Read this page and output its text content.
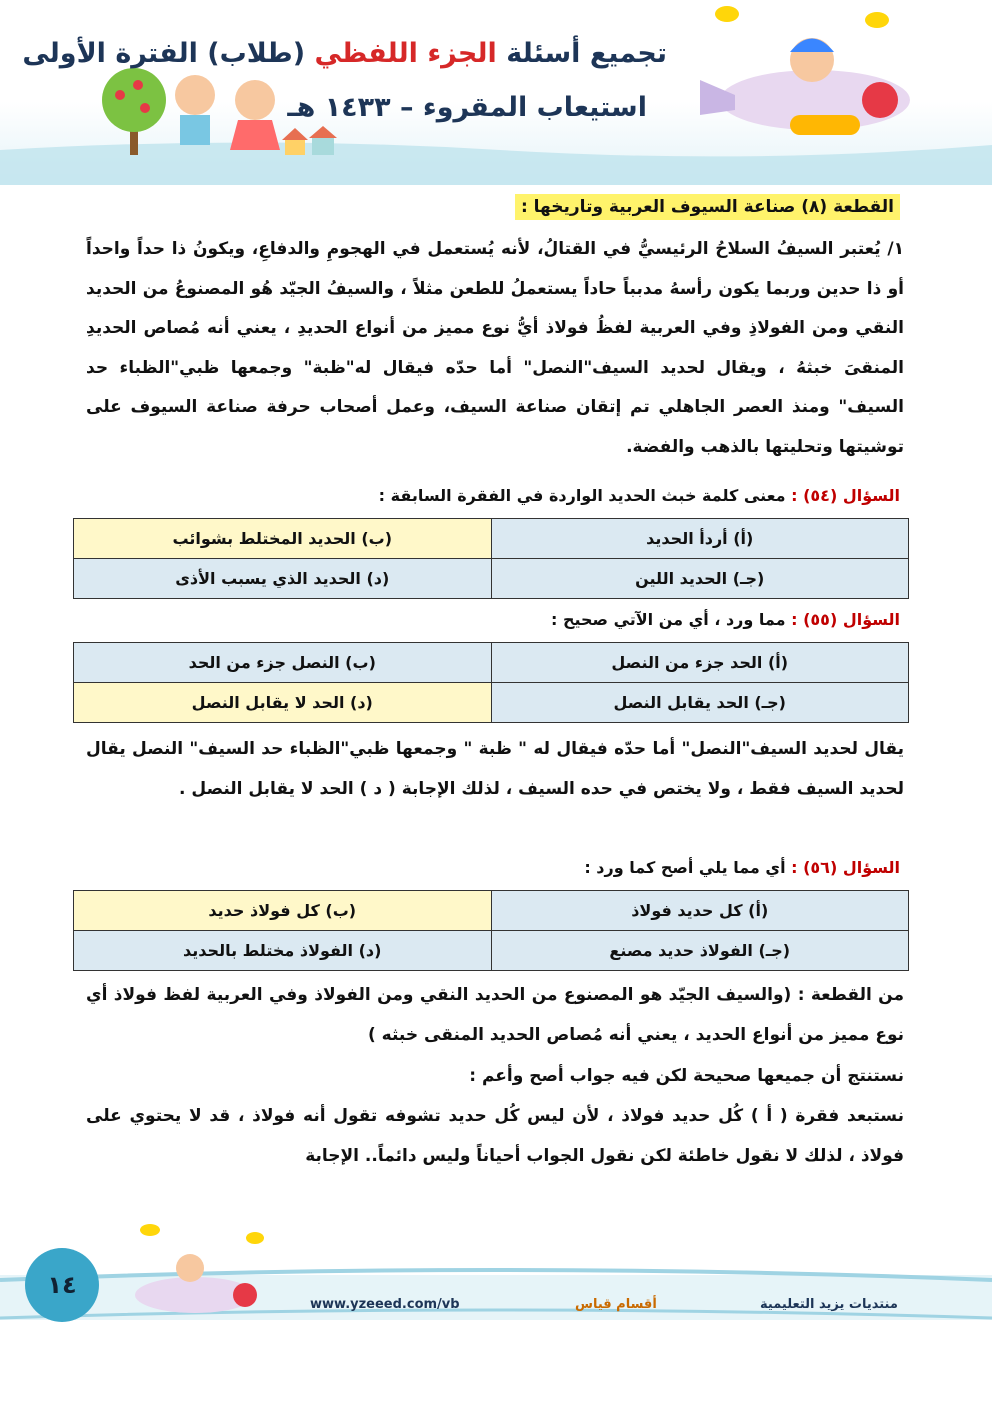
تجميع أسئلة الجزء اللفظي (طلاب) الفترة الأولى
استيعاب المقروء – ١٤٣٣ هـ
القطعة (٨) صناعة السيوف العربية وتاريخها :
١/ يُعتبر السيفُ السلاحُ الرئيسيُّ في القتالُ، لأنه يُستعمل في الهجومِ والدفاعِ، ويكونُ ذا حداً واحداً أو ذا حدين وربما يكون رأسهُ مدبباً حاداً يستعملُ للطعن مثلاً ، والسيفُ الجيّد هُو المصنوعُ من الحديد النقي ومن الفولاذِ وفي العربية لفظُ فولاذ أيُّ نوع مميز من أنواع الحديدِ ، يعني أنه مُصاص الحديدِ المنقىَ خبثهُ ، ويقال لحديد السيف"النصل" أما حدّه فيقال له"ظبة" وجمعها ظبي"الظباء حد السيف" ومنذ العصر الجاهلي تم إتقان صناعة السيف، وعمل أصحاب حرفة صناعة السيوف على توشيتها وتحليتها بالذهب والفضة.
السؤال (٥٤) : معنى كلمة خبث الحديد الواردة في الفقرة السابقة :
(أ) أردأ الحديد	(ب) الحديد المختلط بشوائب
(جـ) الحديد اللين	(د) الحديد الذي يسبب الأذى
السؤال (٥٥) : مما ورد ، أي من الآتي صحيح :
(أ) الحد جزء من النصل	(ب) النصل جزء من الحد
(جـ) الحد يقابل النصل	(د) الحد لا يقابل النصل
يقال لحديد السيف"النصل" أما حدّه فيقال له " ظبة " وجمعها ظبي"الظباء حد السيف" النصل يقال لحديد السيف فقط ، ولا يختص في حده السيف ، لذلك الإجابة ( د ) الحد لا يقابل النصل .
السؤال (٥٦) : أي مما يلي أصح كما ورد :
(أ) كل حديد فولاذ	(ب) كل فولاذ حديد
(جـ) الفولاذ حديد مصنع	(د) الفولاذ مختلط بالحديد
من القطعة : (والسيف الجيّد هو المصنوع من الحديد النقي ومن الفولاذ وفي العربية لفظ فولاذ أي نوع مميز من أنواع الحديد ، يعني أنه مُصاص الحديد المنقى خبثه )
نستنتج أن جميعها صحيحة لكن فيه جواب أصح وأعم :
نستبعد فقرة ( أ ) كُل حديد فولاذ ، لأن ليس كُل حديد تشوفه تقول أنه فولاذ ، قد لا يحتوي على فولاذ ، لذلك لا نقول خاطئة لكن نقول الجواب أحياناً وليس دائماً.. الإجابة
١٤
www.yzeeed.com/vb	أقسام قياس	منتديات يزيد التعليمية
